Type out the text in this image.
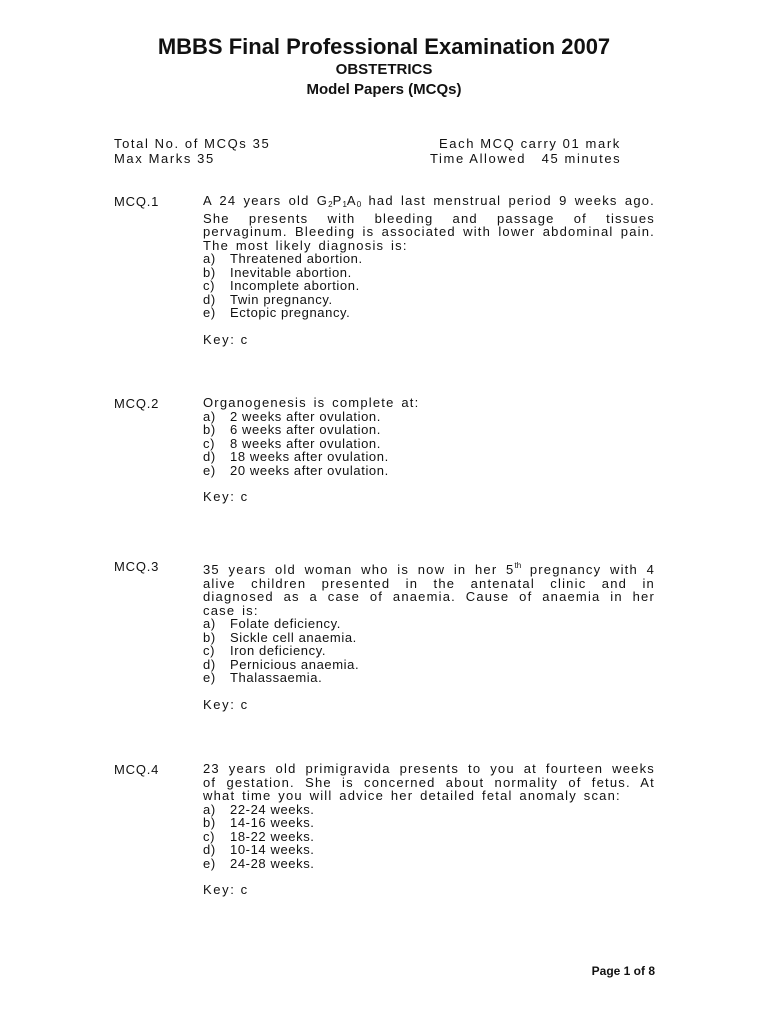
MBBS Final Professional Examination 2007
OBSTETRICS
Model Papers (MCQs)
Total No. of MCQs 35	Each MCQ carry 01 mark
Max Marks 35	Time Allowed   45 minutes
MCQ.1	A 24 years old $G_2P_1A_0$ had last menstrual period 9 weeks ago. She presents with bleeding and passage of tissues pervaginum. Bleeding is associated with lower abdominal pain. The most likely diagnosis is:

a) Threatened abortion.
b) Inevitable abortion.
c) Incomplete abortion.
d) Twin pregnancy.
e) Ectopic pregnancy.
Key: c
MCQ.2	Organogenesis is complete at:

a) 2 weeks after ovulation.
b) 6 weeks after ovulation.
c) 8 weeks after ovulation.
d) 18 weeks after ovulation.
e) 20 weeks after ovulation.
Key: c
MCQ.3	35 years old woman who is now in her 5th pregnancy with 4 alive children presented in the antenatal clinic and in diagnosed as a case of anaemia. Cause of anaemia in her case is:

a) Folate deficiency.
b) Sickle cell anaemia.
c) Iron deficiency.
d) Pernicious anaemia.
e) Thalassaemia.
Key: c
MCQ.4	23 years old primigravida presents to you at fourteen weeks of gestation. She is concerned about normality of fetus. At what time you will advice her detailed fetal anomaly scan:

a) 22-24 weeks.
b) 14-16 weeks.
c) 18-22 weeks.
d) 10-14 weeks.
e) 24-28 weeks.
Key: c
Page 1 of 8
